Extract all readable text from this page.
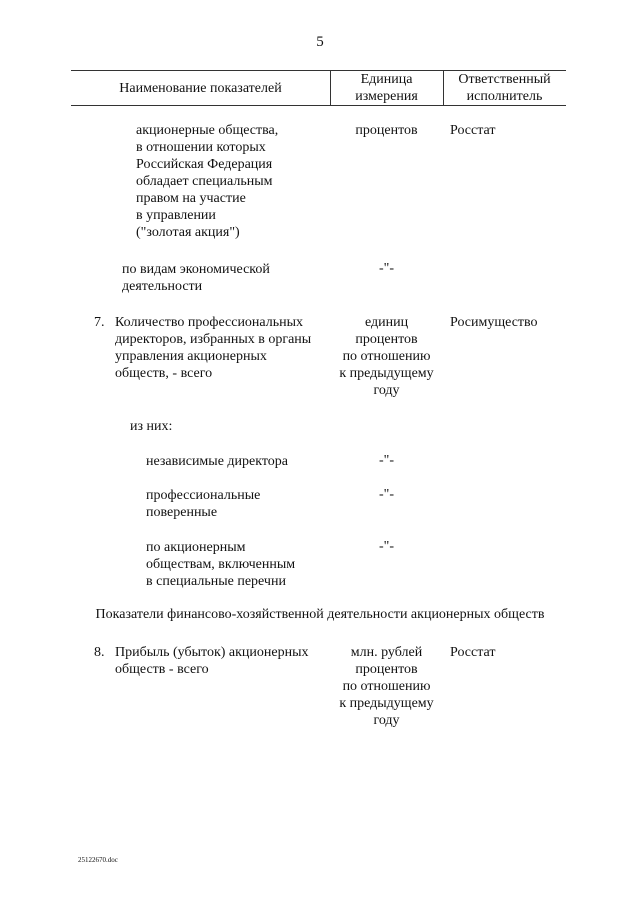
5
Наименование показателей
Единица
измерения
Ответственный
исполнитель
акционерные общества,
в отношении которых
Российская Федерация
обладает специальным
правом на участие
в управлении
("золотая акция")
процентов	Росстат
по видам экономической
деятельности
-"-
7. Количество профессиональных
директоров, избранных в органы
управления акционерных
обществ, - всего
единиц
процентов
по отношению
к предыдущему
году
Росимущество
из них:
независимые директора	-"-
профессиональные
поверенные
-"-
по акционерным
обществам, включенным
в специальные перечни
-"-
Показатели финансово-хозяйственной деятельности акционерных обществ
8. Прибыль (убыток) акционерных
обществ - всего
млн. рублей
процентов
по отношению
к предыдущему
году
Росстат
25122670.doc
